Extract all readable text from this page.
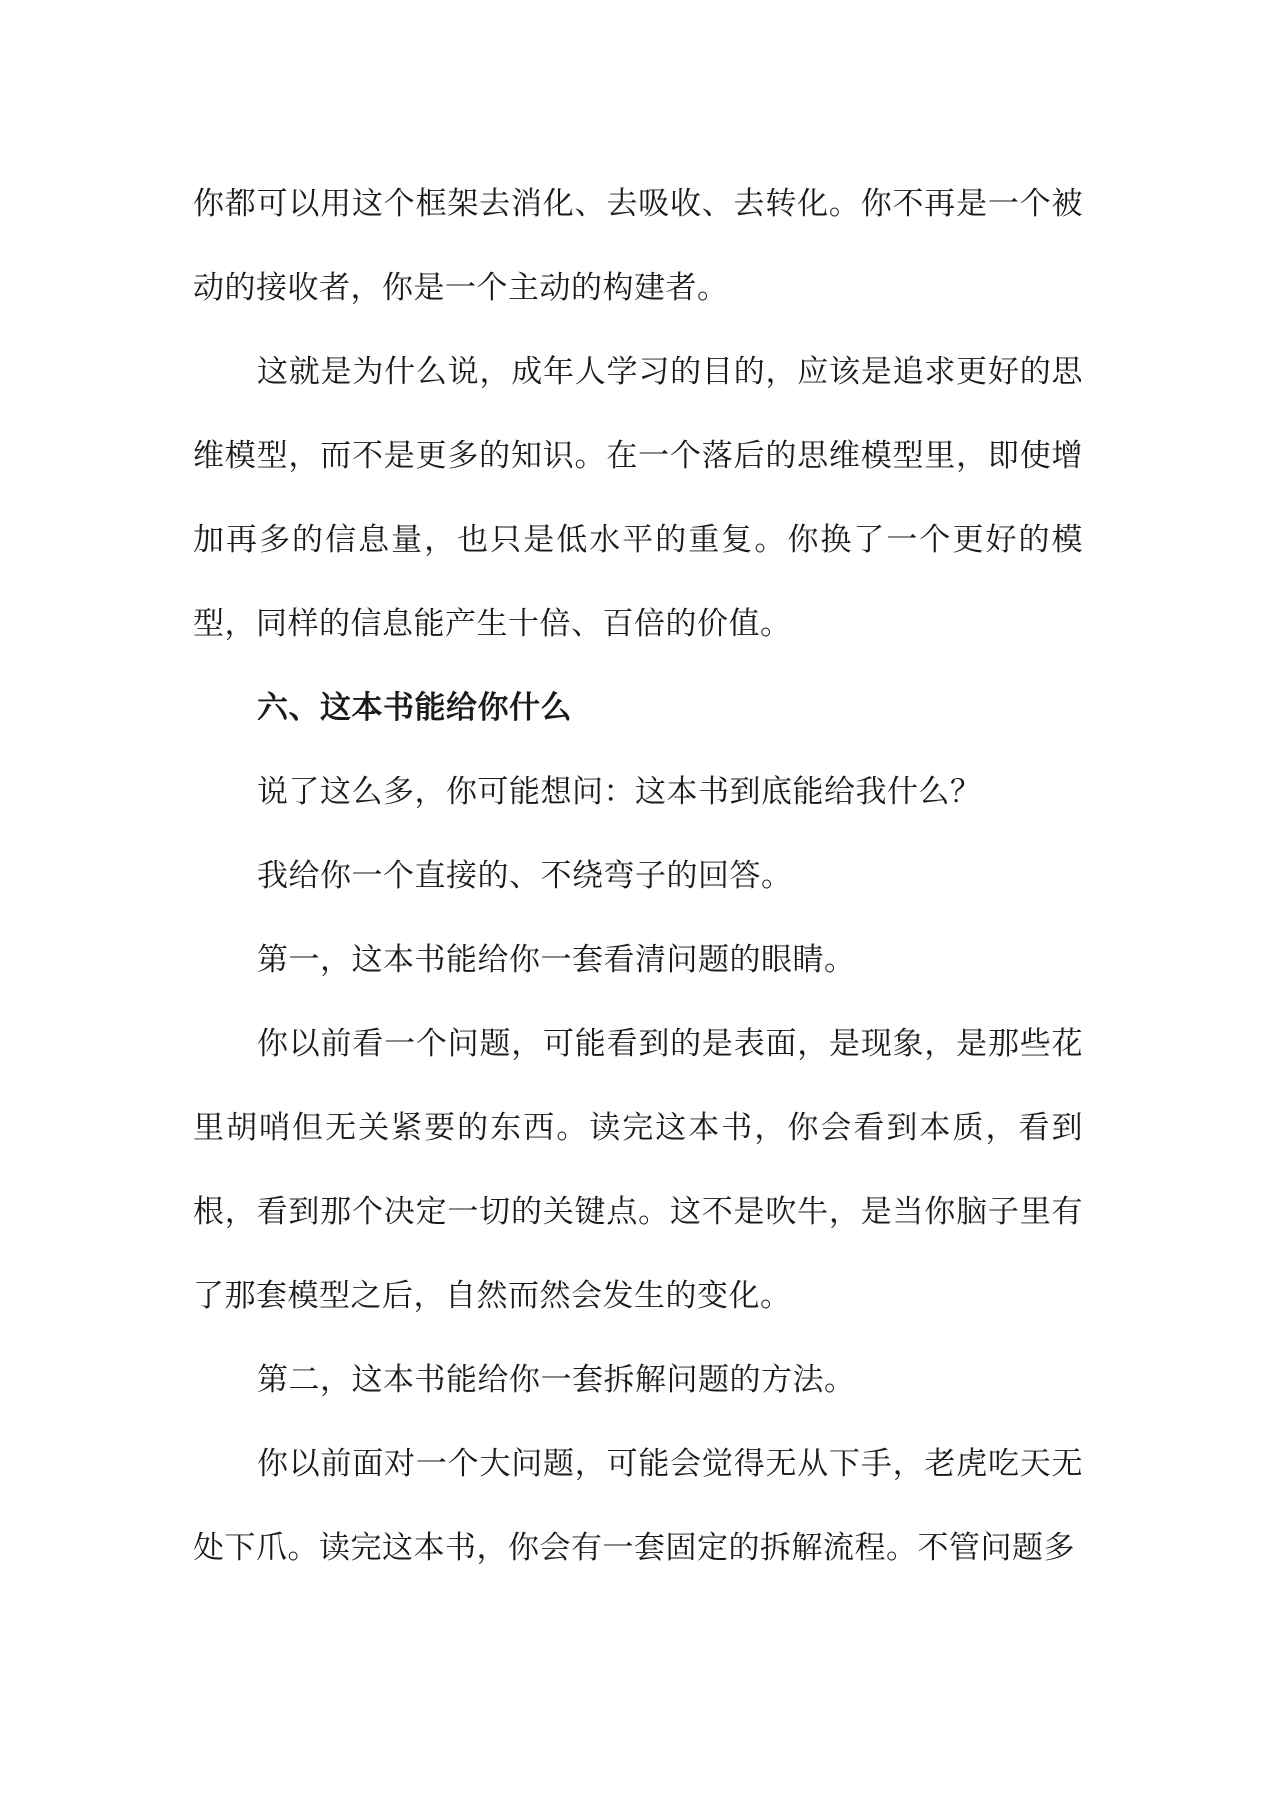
你都可以用这个框架去消化、去吸收、去转化。你不再是一个被动的接收者，你是一个主动的构建者。

这就是为什么说，成年人学习的目的，应该是追求更好的思维模型，而不是更多的知识。在一个落后的思维模型里，即使增加再多的信息量，也只是低水平的重复。你换了一个更好的模型，同样的信息能产生十倍、百倍的价值。

六、这本书能给你什么

说了这么多，你可能想问：这本书到底能给我什么？

我给你一个直接的、不绕弯子的回答。

第一，这本书能给你一套看清问题的眼睛。

你以前看一个问题，可能看到的是表面，是现象，是那些花里胡哨但无关紧要的东西。读完这本书，你会看到本质，看到根，看到那个决定一切的关键点。这不是吹牛，是当你脑子里有了那套模型之后，自然而然会发生的变化。

第二，这本书能给你一套拆解问题的方法。

你以前面对一个大问题，可能会觉得无从下手，老虎吃天无处下爪。读完这本书，你会有一套固定的拆解流程。不管问题多
